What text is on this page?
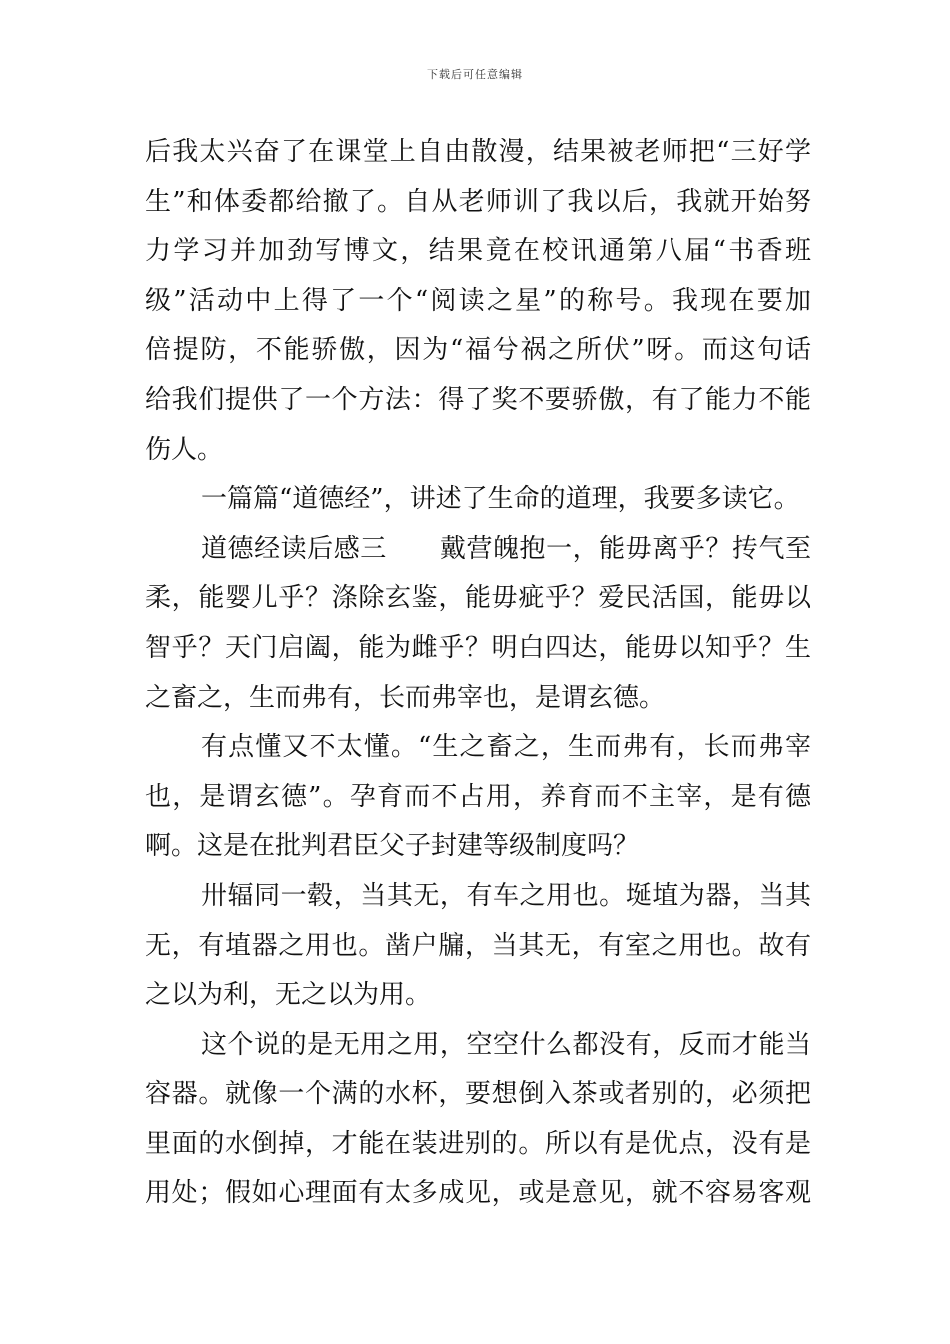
下载后可任意编辑
后我太兴奋了在课堂上自由散漫，结果被老师把“三好学
生”和体委都给撤了。自从老师训了我以后，我就开始努
力学习并加劲写博文，结果竟在校讯通第八届“书香班
级”活动中上得了一个“阅读之星”的称号。我现在要加
倍提防，不能骄傲，因为“福兮祸之所伏”呀。而这句话
给我们提供了一个方法：得了奖不要骄傲，有了能力不能
伤人。
一篇篇“道德经”，讲述了生命的道理，我要多读它。
道德经读后感三　　戴营魄抱一，能毋离乎？抟气至
柔，能婴儿乎？涤除玄鉴，能毋疵乎？爱民活国，能毋以
智乎？天门启阖，能为雌乎？明白四达，能毋以知乎？生
之畜之，生而弗有，长而弗宰也，是谓玄德。
有点懂又不太懂。“生之畜之，生而弗有，长而弗宰
也，是谓玄德”。孕育而不占用，养育而不主宰，是有德
啊。这是在批判君臣父子封建等级制度吗？
卅辐同一毂，当其无，有车之用也。埏埴为器，当其
无，有埴器之用也。凿户牖，当其无，有室之用也。故有
之以为利，无之以为用。
这个说的是无用之用，空空什么都没有，反而才能当
容器。就像一个满的水杯，要想倒入茶或者别的，必须把
里面的水倒掉，才能在装进别的。所以有是优点，没有是
用处；假如心理面有太多成见，或是意见，就不容易客观
